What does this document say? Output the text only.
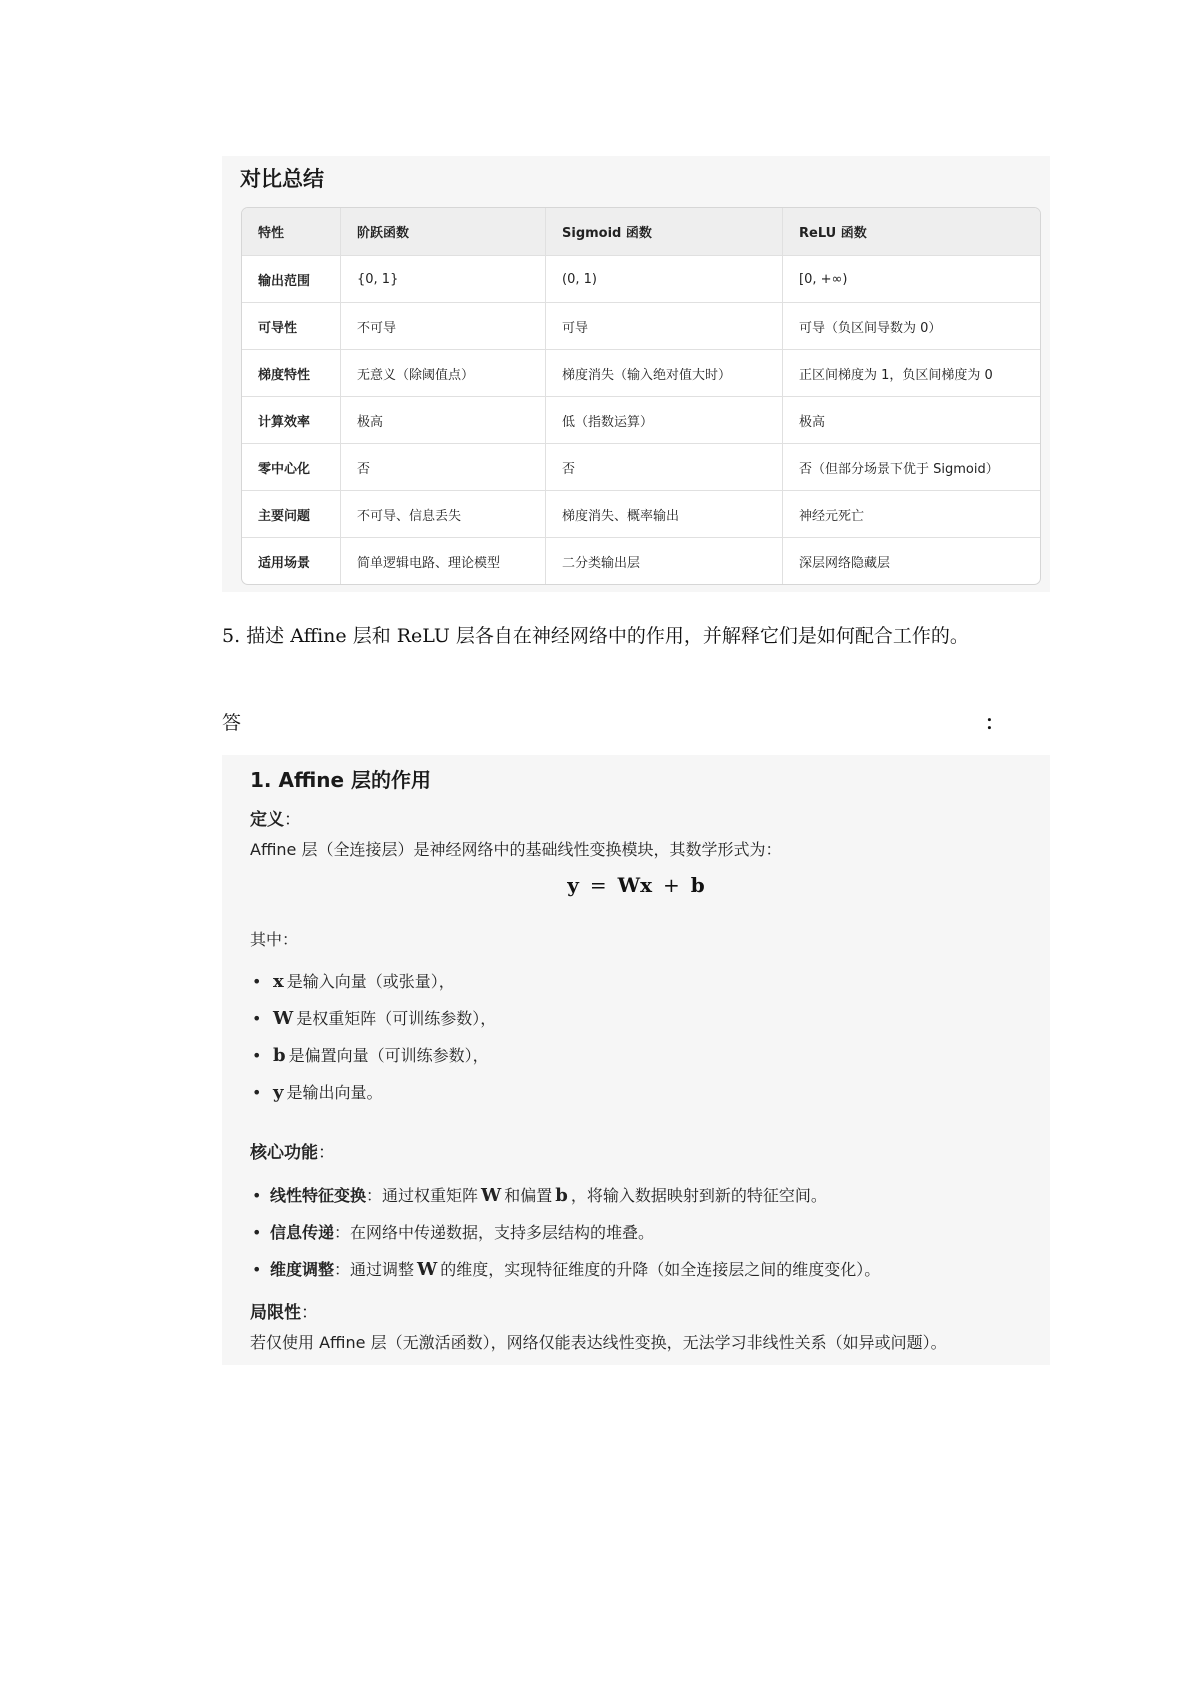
对比总结
特性	阶跃函数	Sigmoid 函数	ReLU 函数
输出范围	{0, 1}	(0, 1)	[0, +∞)
可导性	不可导	可导	可导（负区间导数为 0）
梯度特性	无意义（除阈值点）	梯度消失（输入绝对值大时）	正区间梯度为 1，负区间梯度为 0
计算效率	极高	低（指数运算）	极高
零中心化	否	否	否（但部分场景下优于 Sigmoid）
主要问题	不可导、信息丢失	梯度消失、概率输出	神经元死亡
适用场景	简单逻辑电路、理论模型	二分类输出层	深层网络隐藏层

5. 描述 Affine 层和 ReLU 层各自在神经网络中的作用，并解释它们是如何配合工作的。

答	：
1. Affine 层的作用

定义：

Affine 层（全连接层）是神经网络中的基础线性变换模块，其数学形式为：

y = Wx + b

其中：

• x 是输入向量（或张量），
• W 是权重矩阵（可训练参数），
• b 是偏置向量（可训练参数），
• y 是输出向量。

核心功能：

• 线性特征变换：通过权重矩阵 W 和偏置 b ，将输入数据映射到新的特征空间。
• 信息传递：在网络中传递数据，支持多层结构的堆叠。
• 维度调整：通过调整 W 的维度，实现特征维度的升降（如全连接层之间的维度变化）。

局限性：

若仅使用 Affine 层（无激活函数），网络仅能表达线性变换，无法学习非线性关系（如异或问题）。
